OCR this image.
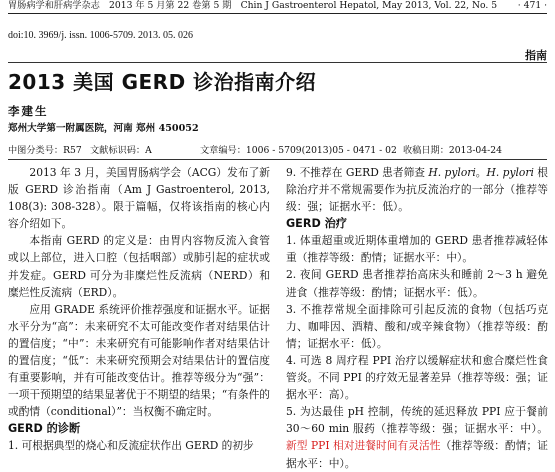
胃肠病学和肝病学杂志　2013 年 5 月第 22 卷第 5 期　Chin J Gastroenterol Hepatol, May 2013, Vol. 22, No. 5 · 471 ·
doi:10. 3969/j. issn. 1006-5709. 2013. 05. 026
指南
2013 美国 GERD 诊治指南介绍
李建生
郑州大学第一附属医院，河南 郑州 450052
中图分类号：R57 文献标识码：A	文章编号：1006 - 5709(2013)05 - 0471 - 02 收稿日期：2013-04-24

2013 年 3 月，美国胃肠病学会（ACG）发布了新版 GERD 诊治指南（Am J Gastroenterol, 2013, 108(3): 308-328）。限于篇幅，仅将该指南的核心内容介绍如下。

本指南 GERD 的定义是：由胃内容物反流入食管或以上部位，进入口腔（包括咽部）或肺引起的症状或并发症。GERD 可分为非糜烂性反流病（NERD）和糜烂性反流病（ERD）。

应用 GRADE 系统评价推荐强度和证据水平。证据水平分为“高”：未来研究不太可能改变作者对结果估计的置信度；“中”：未来研究有可能影响作者对结果估计的置信度；“低”：未来研究预期会对结果估计的置信度有重要影响，并有可能改变估计。推荐等级分为“强”：一项干预期望的结果显著优于不期望的结果；“有条件的或酌情（conditional）”：当权衡不确定时。

GERD 的诊断

1. 可根据典型的烧心和反流症状作出 GERD 的初步

9. 不推荐在 GERD 患者筛查 H. pylori。H. pylori 根除治疗并不常规需要作为抗反流治疗的一部分（推荐等级：强；证据水平：低）。

GERD 治疗

1. 体重超重或近期体重增加的 GERD 患者推荐减轻体重（推荐等级：酌情；证据水平：中）。

2. 夜间 GERD 患者推荐抬高床头和睡前 2～3 h 避免进食（推荐等级：酌情；证据水平：低）。

3. 不推荐常规全面排除可引起反流的食物（包括巧克力、咖啡因、酒精、酸和/或辛辣食物）（推荐等级：酌情；证据水平：低）。

4. 可选 8 周疗程 PPI 治疗以缓解症状和愈合糜烂性食管炎。不同 PPI 的疗效无显著差异（推荐等级：强；证据水平：高）。

5. 为达最佳 pH 控制，传统的延迟释放 PPI 应于餐前 30～60 min 服药（推荐等级：强；证据水平：中）。新型 PPI 相对进餐时间有灵活性（推荐等级：酌情；证据水平：中）。
